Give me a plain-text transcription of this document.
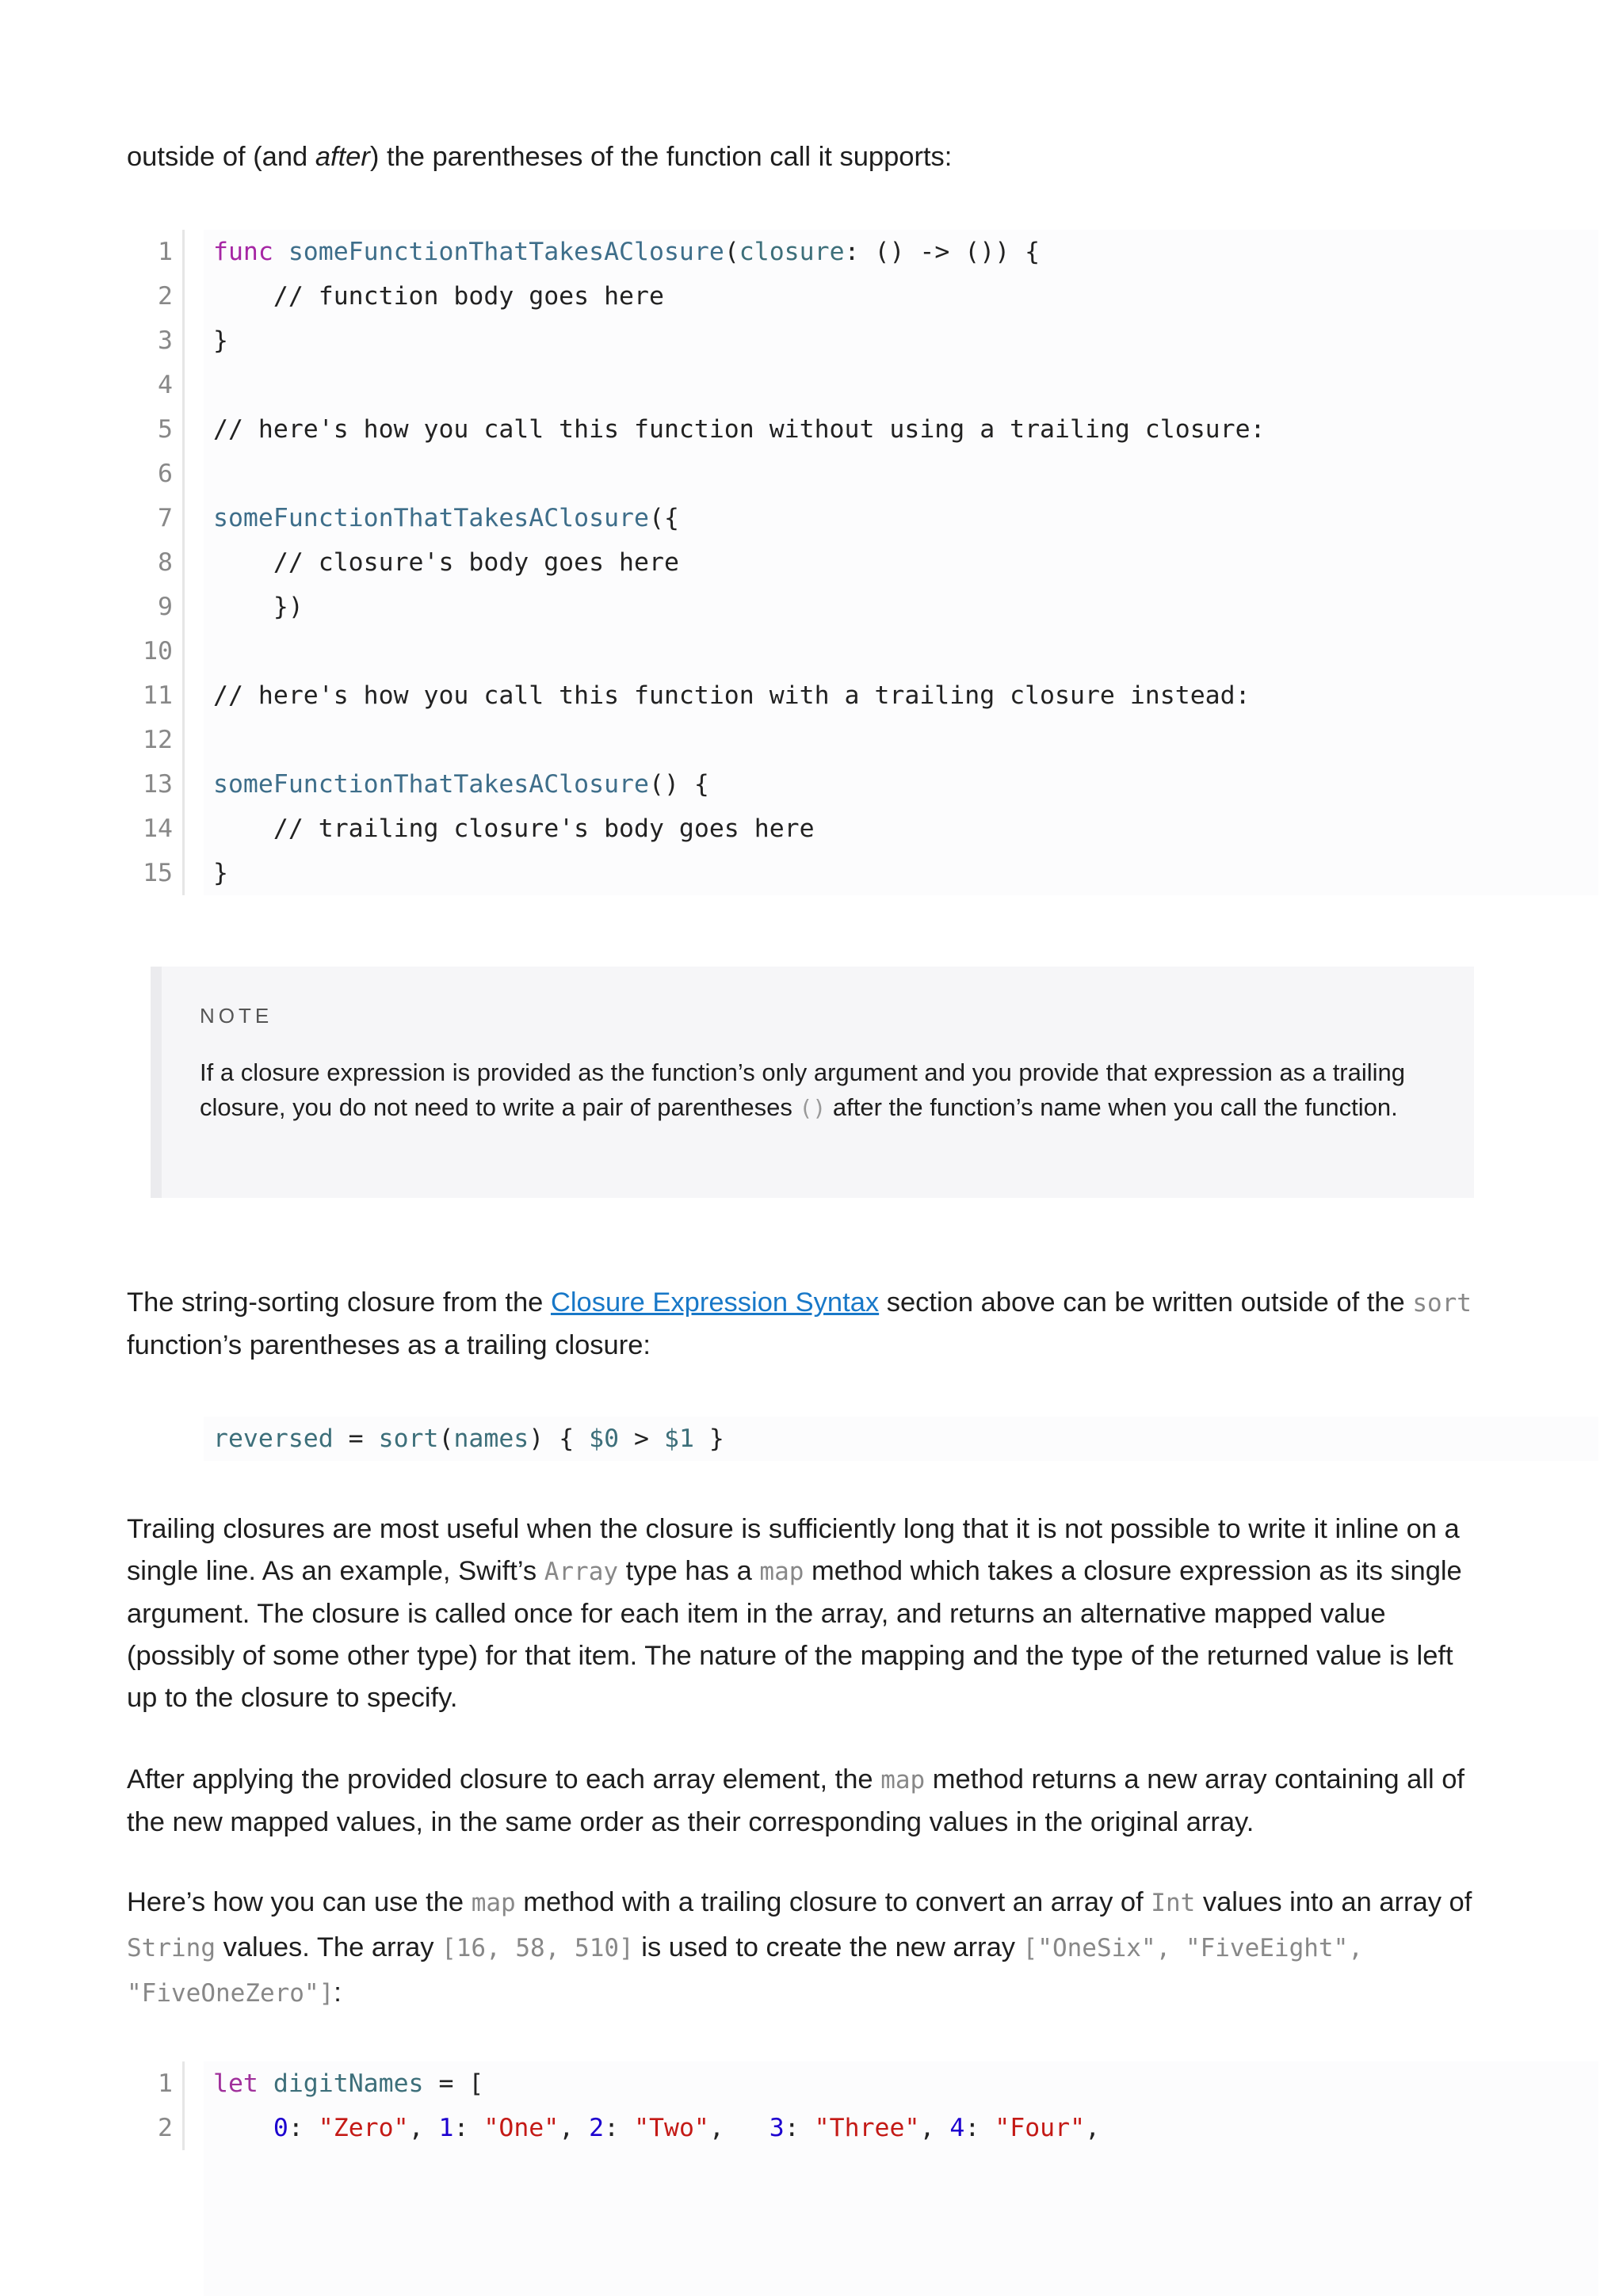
outside of (and after) the parentheses of the function call it supports:

1
2
3
4
5
6
7
8
9
10
11
12
13
14
15
func someFunctionThatTakesAClosure(closure: () -> ()) {
// function body goes here
}
// here's how you call this function without using a trailing closure:
someFunctionThatTakesAClosure({
// closure's body goes here
})
// here's how you call this function with a trailing closure instead:
someFunctionThatTakesAClosure() {
// trailing closure's body goes here
}
NOTE
If a closure expression is provided as the function’s only argument and you provide that expression as a trailing closure, you do not need to write a pair of parentheses () after the function’s name when you call the function.

The string-sorting closure from the Closure Expression Syntax section above can be written outside of the sort function’s parentheses as a trailing closure:

reversed = sort(names) { $0 > $1 }

Trailing closures are most useful when the closure is sufficiently long that it is not possible to write it inline on a single line. As an example, Swift’s Array type has a map method which takes a closure expression as its single argument. The closure is called once for each item in the array, and returns an alternative mapped value (possibly of some other type) for that item. The nature of the mapping and the type of the returned value is left up to the closure to specify.

After applying the provided closure to each array element, the map method returns a new array containing all of the new mapped values, in the same order as their corresponding values in the original array.

Here’s how you can use the map method with a trailing closure to convert an array of Int values into an array of String values. The array [16, 58, 510] is used to create the new array ["OneSix", "FiveEight", "FiveOneZero"]:

1
2
let digitNames = [
0: "Zero", 1: "One", 2: "Two",   3: "Three", 4: "Four",
